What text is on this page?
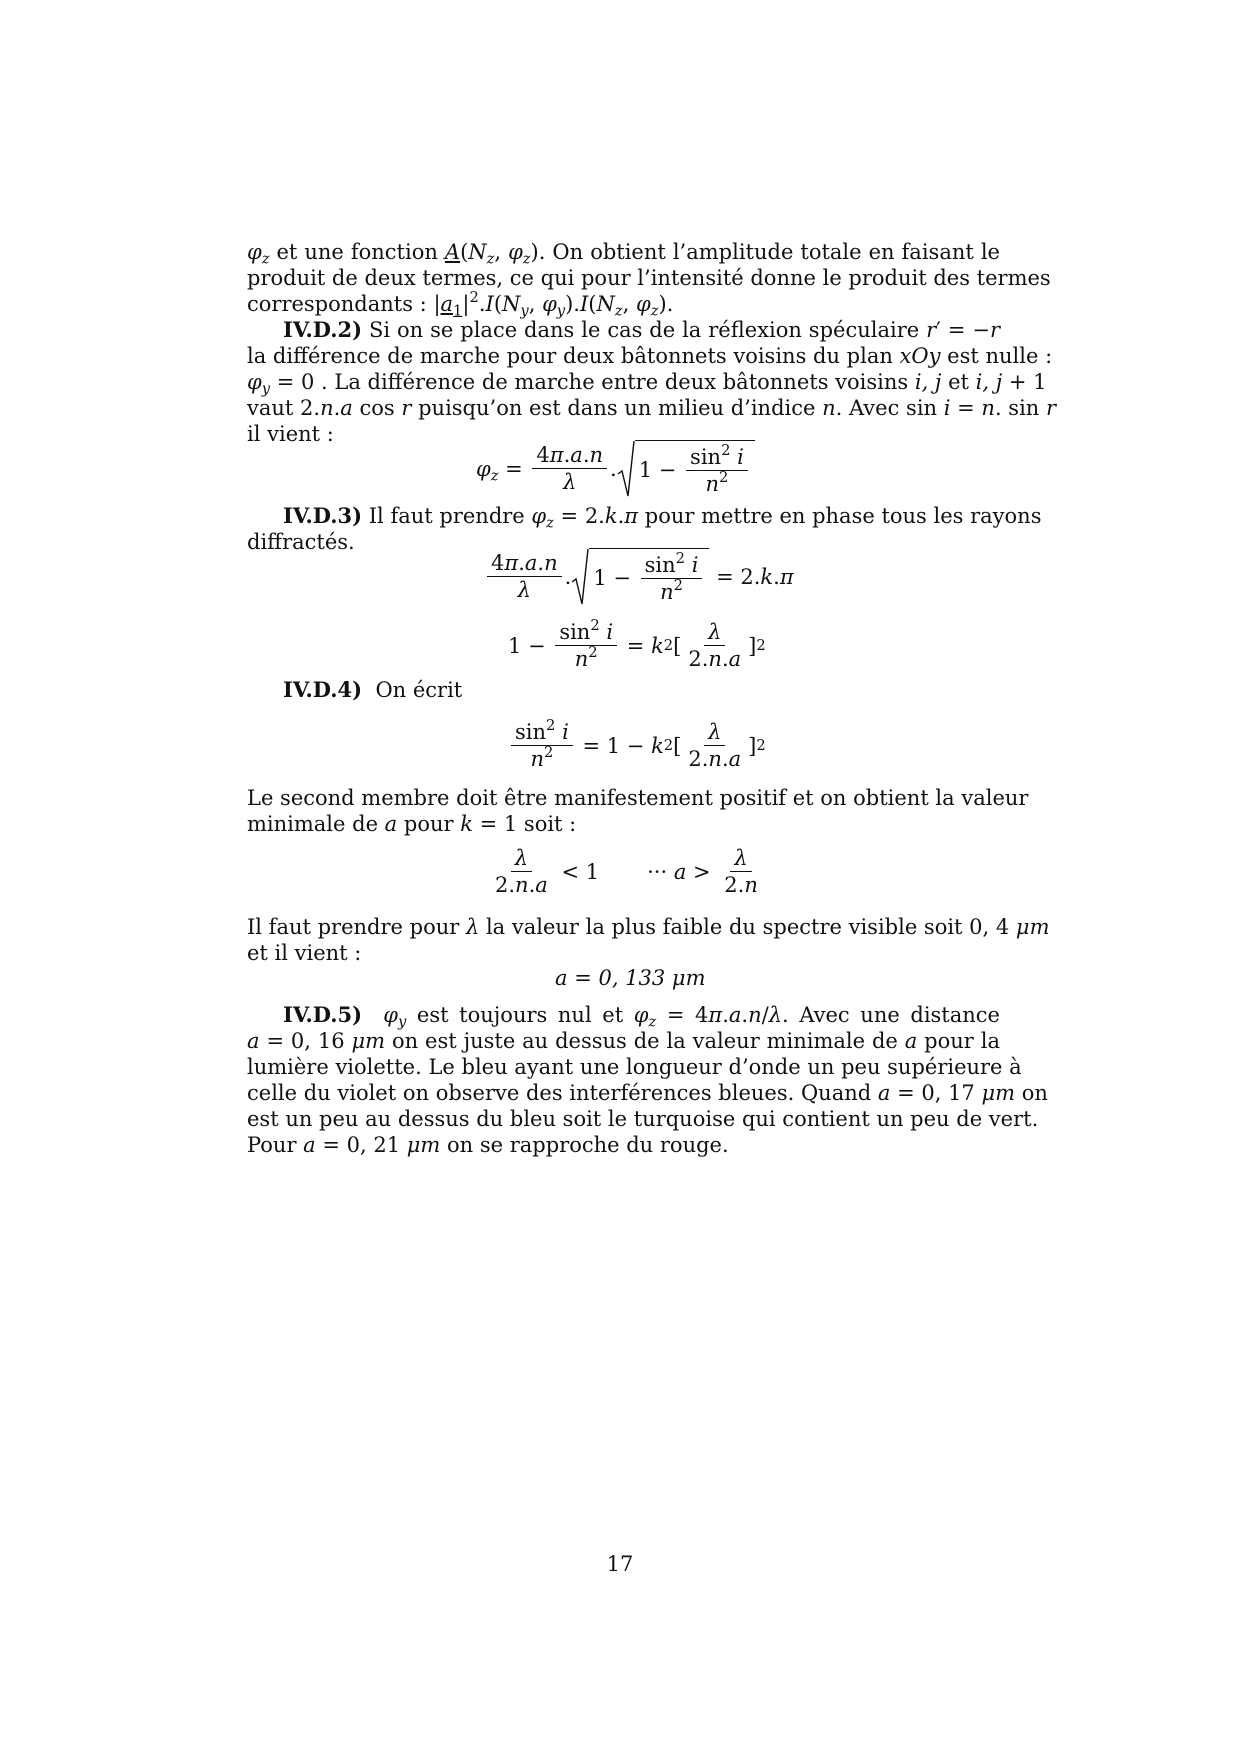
$\varphi_z$ et une fonction $A(N_z$, $\varphi_z$). On obtient l’amplitude totale en faisant le
produit de deux termes, ce qui pour l’intensité donne le produit des termes
correspondants : $|a_1|^2.I(N_y$, $\varphi_y).I(N_z$, $\varphi_z$).
IV.D.2) Si on se place dans le cas de la réflexion spéculaire r′ = −r
la différence de marche pour deux bâtonnets voisins du plan xOy est nulle :
$\varphi_y = 0$ . La différence de marche entre deux bâtonnets voisins i, j et i, j + 1
vaut 2.n.a cos r puisqu’on est dans un milieu d’indice n. Avec sin i = n. sin r
il vient :
$\varphi_z = \frac{4\pi.a.n}{\lambda}$ . $1 - \frac{\sin^2 i}{n^2}$
IV.D.3) Il faut prendre $\varphi_z = 2.k.\pi$ pour mettre en phase tous les rayons
diffractés.
$\frac{4\pi.a.n}{\lambda}$ . $1 - \frac{\sin^2 i}{n^2} = 2$. k . π
$1 - \frac{\sin^2 i}{n^2} = k$ 2 [ $\frac{\lambda}{2.n.a}$ ] 2
IV.D.4) On écrit
$\frac{\sin^2 i}{n^2} = 1 - k$ 2 [ $\frac{\lambda}{2.n.a}$ ] 2
Le second membre doit être manifestement positif et on obtient la valeur
minimale de a pour k = 1 soit :
$\frac{\lambda}{2.n.a} < 1$
··· $a > \frac{\lambda}{2.n}$
Il faut prendre pour λ la valeur la plus faible du spectre visible soit 0, 4 μm
et il vient :
a = 0, 133 μm
IV.D.5) $\varphi_y$ est toujours nul et $\varphi_z = 4\pi.a.n/\lambda$. Avec une distance
a = 0, 16 μm on est juste au dessus de la valeur minimale de a pour la
lumière violette. Le bleu ayant une longueur d’onde un peu supérieure à
celle du violet on observe des interférences bleues. Quand a = 0, 17 μm on
est un peu au dessus du bleu soit le turquoise qui contient un peu de vert.
Pour a = 0, 21 μm on se rapproche du rouge.
17
